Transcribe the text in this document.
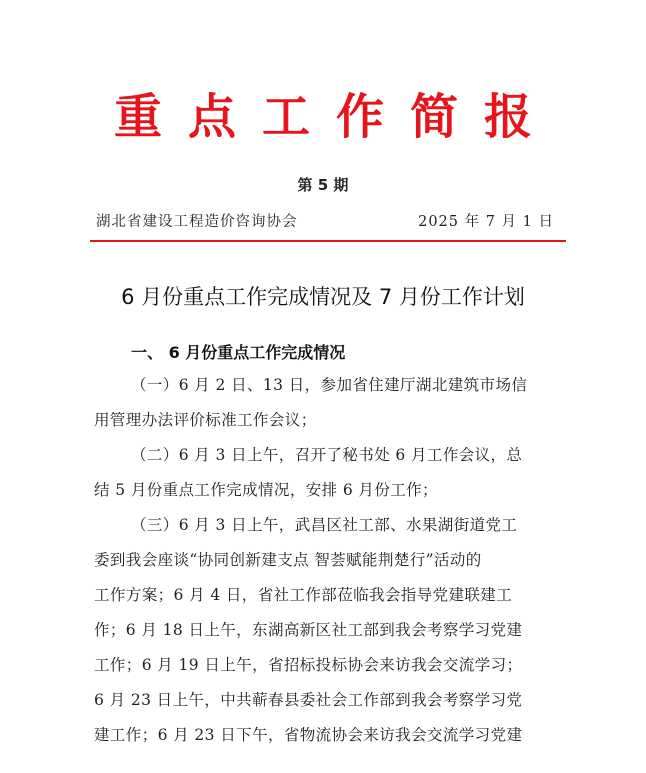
重点工作简报
第 5 期
湖北省建设工程造价咨询协会	2025 年 7 月 1 日
6 月份重点工作完成情况及 7 月份工作计划
一、 6 月份重点工作完成情况
（一）6 月 2 日、13 日，参加省住建厅湖北建筑市场信
用管理办法评价标准工作会议；
（二）6 月 3 日上午，召开了秘书处 6 月工作会议，总
结 5 月份重点工作完成情况，安排 6 月份工作；
（三）6 月 3 日上午，武昌区社工部、水果湖街道党工
委到我会座谈“协同创新建支点 智荟赋能荆楚行”活动的
工作方案；6 月 4 日，省社工作部莅临我会指导党建联建工
作；6 月 18 日上午，东湖高新区社工部到我会考察学习党建
工作；6 月 19 日上午，省招标投标协会来访我会交流学习；
6 月 23 日上午，中共蕲春县委社会工作部到我会考察学习党
建工作；6 月 23 日下午，省物流协会来访我会交流学习党建
